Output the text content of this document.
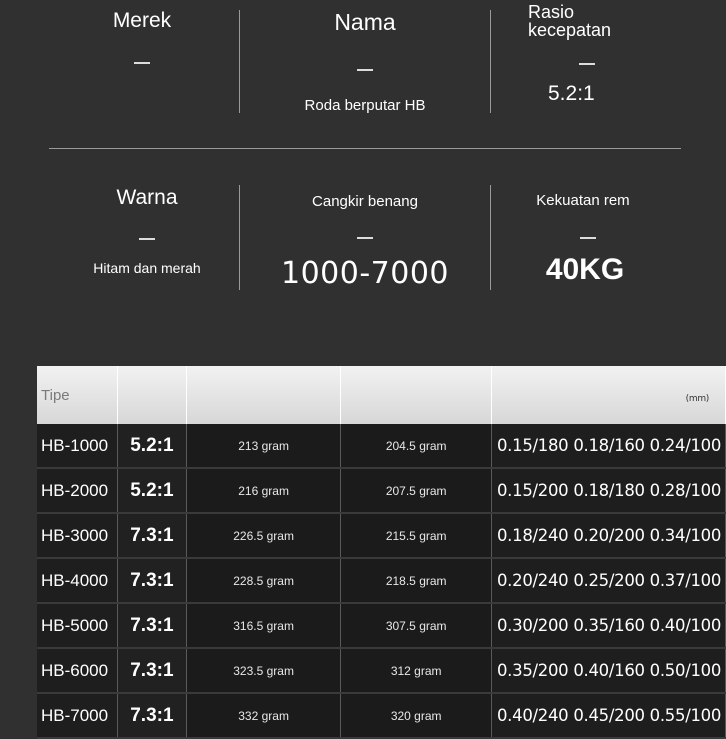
Merek	Nama
Roda berputar HB
Rasio kecepatan
5.2:1
Warna
Hitam dan merah
Cangkir benang
1000-7000
Kekuatan rem
40KG
Tipe				(mm)
HB-1000	5.2:1	213 gram	204.5 gram	0.15/180 0.18/160 0.24/100
HB-2000	5.2:1	216 gram	207.5 gram	0.15/200 0.18/180 0.28/100
HB-3000	7.3:1	226.5 gram	215.5 gram	0.18/240 0.20/200 0.34/100
HB-4000	7.3:1	228.5 gram	218.5 gram	0.20/240 0.25/200 0.37/100
HB-5000	7.3:1	316.5 gram	307.5 gram	0.30/200 0.35/160 0.40/100
HB-6000	7.3:1	323.5 gram	312 gram	0.35/200 0.40/160 0.50/100
HB-7000	7.3:1	332 gram	320 gram	0.40/240 0.45/200 0.55/100
